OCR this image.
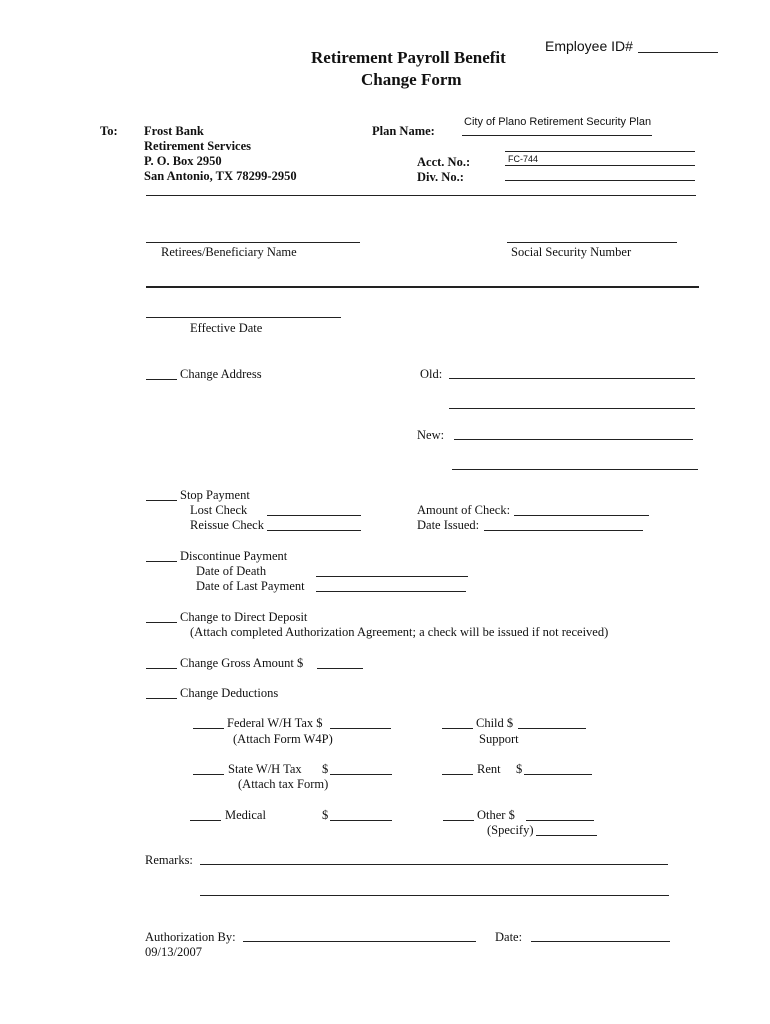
Employee ID#
Retirement Payroll Benefit
Change Form
To: Frost Bank
Retirement Services
P. O. Box 2950
San Antonio, TX 78299-2950
Plan Name:
City of Plano Retirement Security Plan
Acct. No.:	FC-744
Div. No.:
Retirees/Beneficiary Name	Social Security Number
Effective Date
Change Address	Old:
New:
Stop Payment
Lost Check
Reissue Check
Amount of Check:
Date Issued:
Discontinue Payment
Date of Death
Date of Last Payment
Change to Direct Deposit
(Attach completed Authorization Agreement; a check will be issued if not received)
Change Gross Amount $
Change Deductions
Federal W/H Tax $
(Attach Form W4P)
Child $
Support
State W/H Tax $
(Attach tax Form)
Rent $
Medical	$	Other $
(Specify)
Remarks:
Authorization By:	Date:
09/13/2007
